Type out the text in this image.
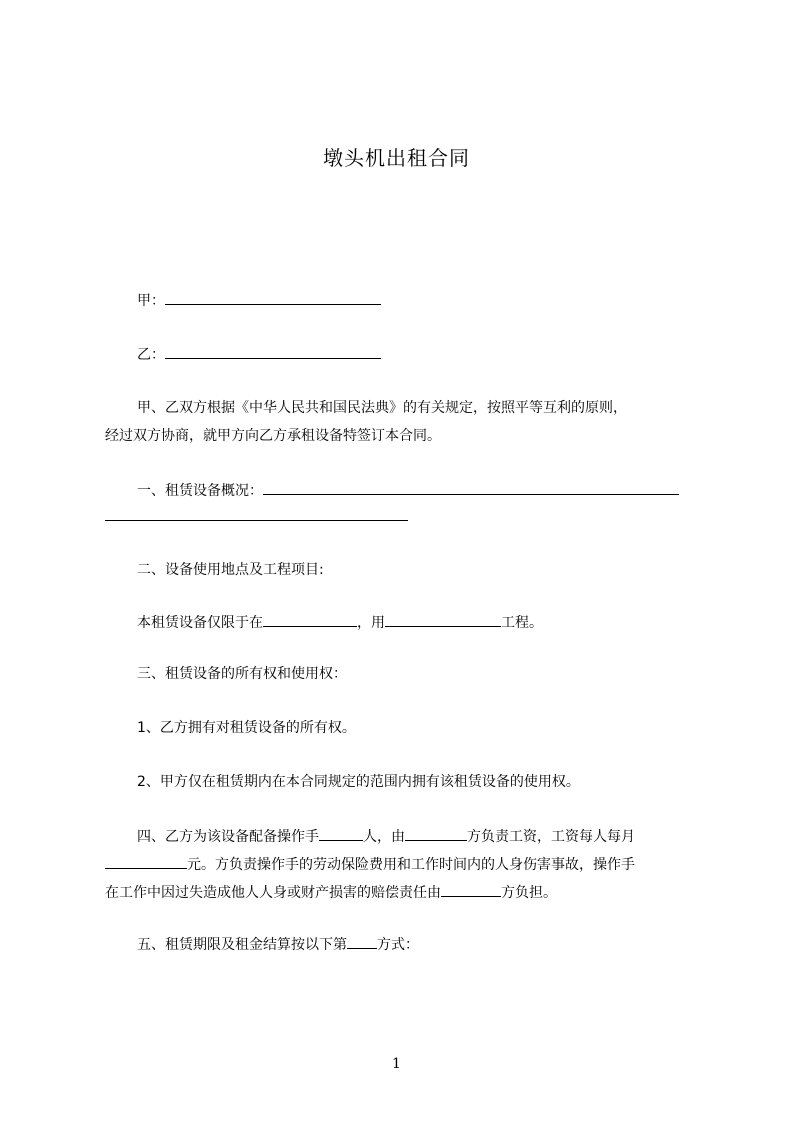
墩头机出租合同
甲：
乙：
甲、乙双方根据《中华人民共和国民法典》的有关规定，按照平等互利的原则，
经过双方协商，就甲方向乙方承租设备特签订本合同。
一、租赁设备概况：
二、设备使用地点及工程项目:
本租赁设备仅限于在	，用	工程。
三、租赁设备的所有权和使用权：
1、乙方拥有对租赁设备的所有权。
2、甲方仅在租赁期内在本合同规定的范围内拥有该租赁设备的使用权。
四、乙方为该设备配备操作手	人，由	方负责工资，工资每人每月
元。方负责操作手的劳动保险费用和工作时间内的人身伤害事故，操作手
在工作中因过失造成他人人身或财产损害的赔偿责任由	方负担。
五、租赁期限及租金结算按以下第 方式：
1
